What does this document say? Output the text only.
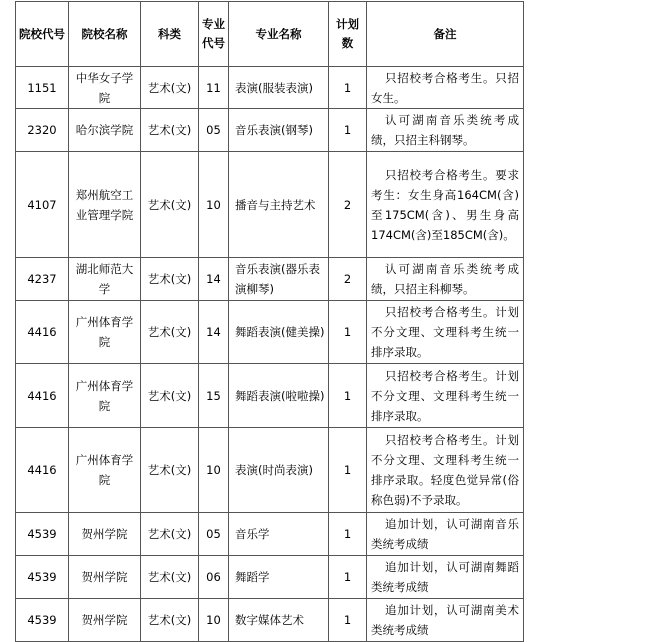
院校代号	院校名称	科类	专业代号	专业名称	计划数	备注
1151	中华女子学院	艺术(文)	11	表演(服装表演)	1	只招校考合格考生。只招女生。
2320	哈尔滨学院	艺术(文)	05	音乐表演(钢琴)	1	认可湖南音乐类统考成绩，只招主科钢琴。
4107	郑州航空工业管理学院	艺术(文)	10	播音与主持艺术	2	只招校考合格考生。要求考生：女生身高164CM(含)至175CM(含)、男生身高174CM(含)至185CM(含)。
4237	湖北师范大学	艺术(文)	14	音乐表演(器乐表演柳琴)	2	认可湖南音乐类统考成绩，只招主科柳琴。
4416	广州体育学院	艺术(文)	14	舞蹈表演(健美操)	1	只招校考合格考生。计划不分文理、文理科考生统一排序录取。
4416	广州体育学院	艺术(文)	15	舞蹈表演(啦啦操)	1	只招校考合格考生。计划不分文理、文理科考生统一排序录取。
4416	广州体育学院	艺术(文)	10	表演(时尚表演)	1	只招校考合格考生。计划不分文理、文理科考生统一排序录取。轻度色觉异常(俗称色弱)不予录取。
4539	贺州学院	艺术(文)	05	音乐学	1	追加计划，认可湖南音乐类统考成绩
4539	贺州学院	艺术(文)	06	舞蹈学	1	追加计划，认可湖南舞蹈类统考成绩
4539	贺州学院	艺术(文)	10	数字媒体艺术	1	追加计划，认可湖南美术类统考成绩
